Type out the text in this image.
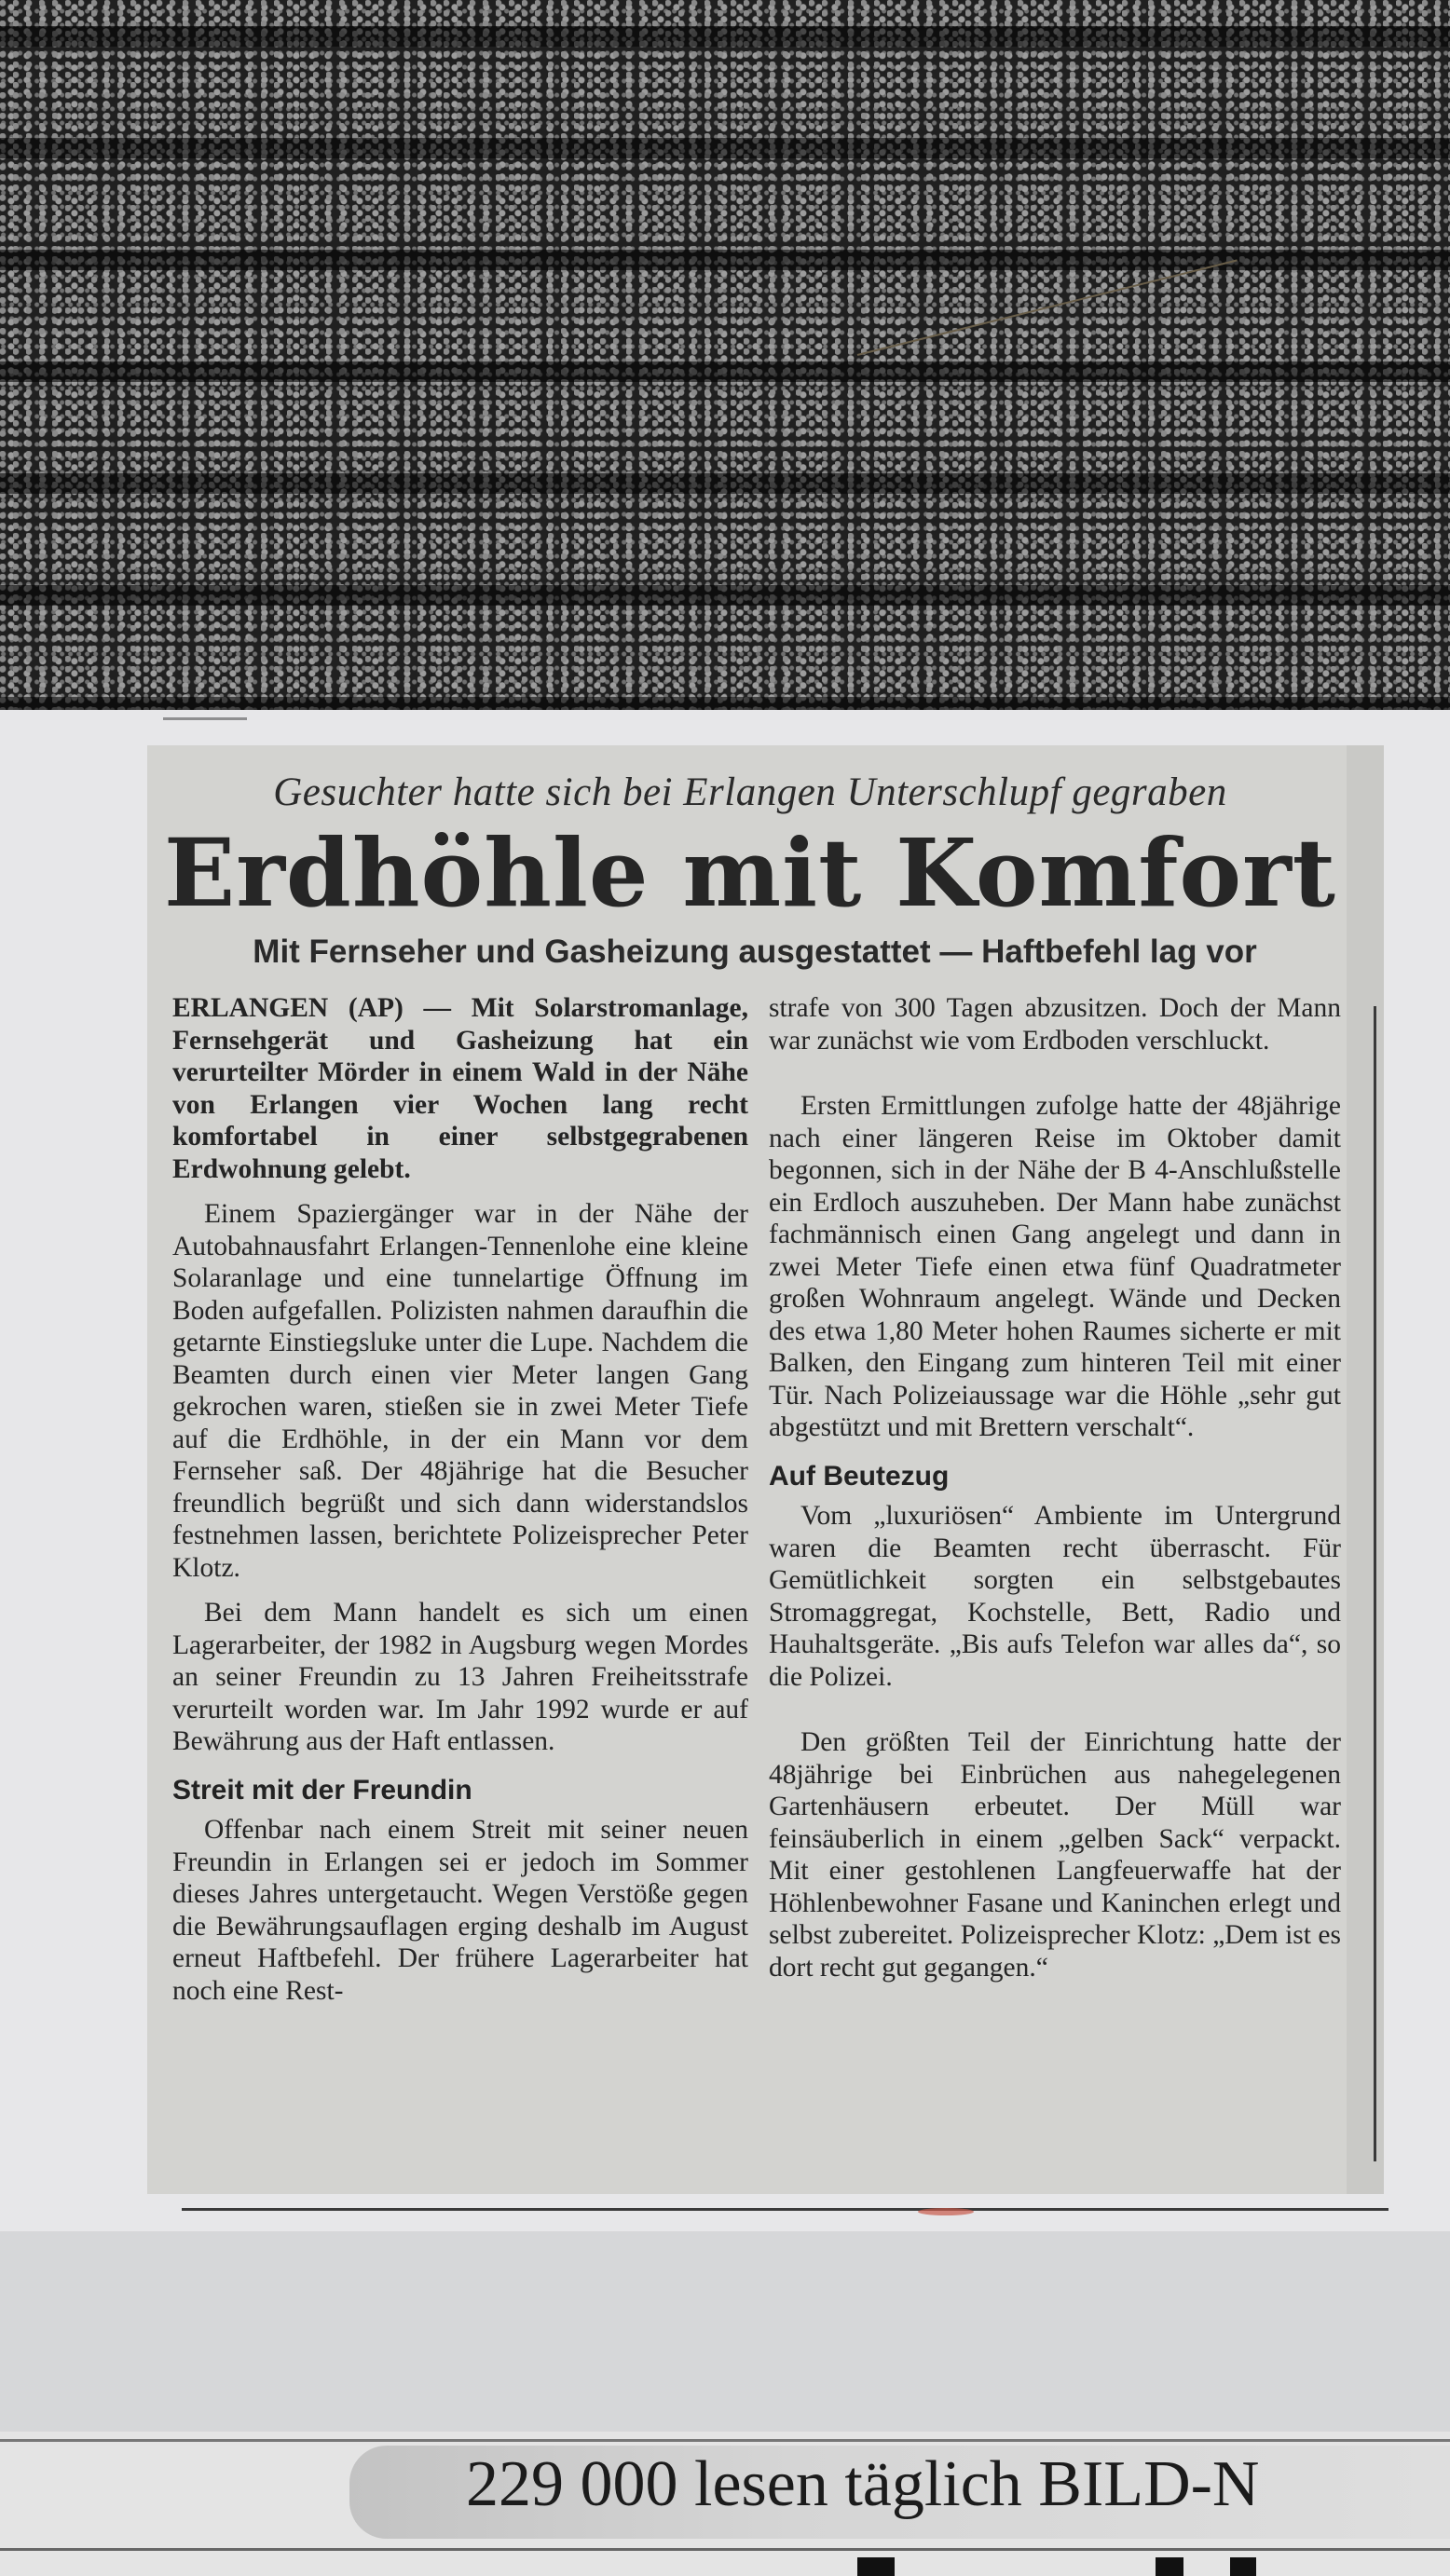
Gesuchter hatte sich bei Erlangen Unterschlupf gegraben
Erdhöhle mit Komfort
Mit Fernseher und Gasheizung ausgestattet — Haftbefehl lag vor

ERLANGEN (AP) — Mit Solarstromanlage, Fernsehgerät und Gasheizung hat ein verurteilter Mörder in einem Wald in der Nähe von Erlangen vier Wochen lang recht komfortabel in einer selbstgegrabenen Erdwohnung gelebt.

Einem Spaziergänger war in der Nähe der Autobahnausfahrt Erlangen-Tennenlohe eine kleine Solaranlage und eine tunnelartige Öffnung im Boden aufgefallen. Polizisten nahmen daraufhin die getarnte Einstiegsluke unter die Lupe. Nachdem die Beamten durch einen vier Meter langen Gang gekrochen waren, stießen sie in zwei Meter Tiefe auf die Erdhöhle, in der ein Mann vor dem Fernseher saß. Der 48jährige hat die Besucher freundlich begrüßt und sich dann widerstandslos festnehmen lassen, berichtete Polizeisprecher Peter Klotz.

Bei dem Mann handelt es sich um einen Lagerarbeiter, der 1982 in Augsburg wegen Mordes an seiner Freundin zu 13 Jahren Freiheitsstrafe verurteilt worden war. Im Jahr 1992 wurde er auf Bewährung aus der Haft entlassen.

Streit mit der Freundin

Offenbar nach einem Streit mit seiner neuen Freundin in Erlangen sei er jedoch im Sommer dieses Jahres untergetaucht. Wegen Verstöße gegen die Bewährungsauflagen erging deshalb im August erneut Haftbefehl. Der frühere Lagerarbeiter hat noch eine Rest-

strafe von 300 Tagen abzusitzen. Doch der Mann war zunächst wie vom Erdboden verschluckt.

Ersten Ermittlungen zufolge hatte der 48jährige nach einer längeren Reise im Oktober damit begonnen, sich in der Nähe der B 4-Anschlußstelle ein Erdloch auszuheben. Der Mann habe zunächst fachmännisch einen Gang angelegt und dann in zwei Meter Tiefe einen etwa fünf Quadratmeter großen Wohnraum angelegt. Wände und Decken des etwa 1,80 Meter hohen Raumes sicherte er mit Balken, den Eingang zum hinteren Teil mit einer Tür. Nach Polizeiaussage war die Höhle „sehr gut abgestützt und mit Brettern verschalt“.

Auf Beutezug

Vom „luxuriösen“ Ambiente im Untergrund waren die Beamten recht überrascht. Für Gemütlichkeit sorgten ein selbstgebautes Stromaggregat, Kochstelle, Bett, Radio und Hauhaltsgeräte. „Bis aufs Telefon war alles da“, so die Polizei.

Den größten Teil der Einrichtung hatte der 48jährige bei Einbrüchen aus nahegelegenen Gartenhäusern erbeutet. Der Müll war feinsäuberlich in einem „gelben Sack“ verpackt. Mit einer gestohlenen Langfeuerwaffe hat der Höhlenbewohner Fasane und Kaninchen erlegt und selbst zubereitet. Polizeisprecher Klotz: „Dem ist es dort recht gut gegangen.“

229 000 lesen täglich BILD-N
